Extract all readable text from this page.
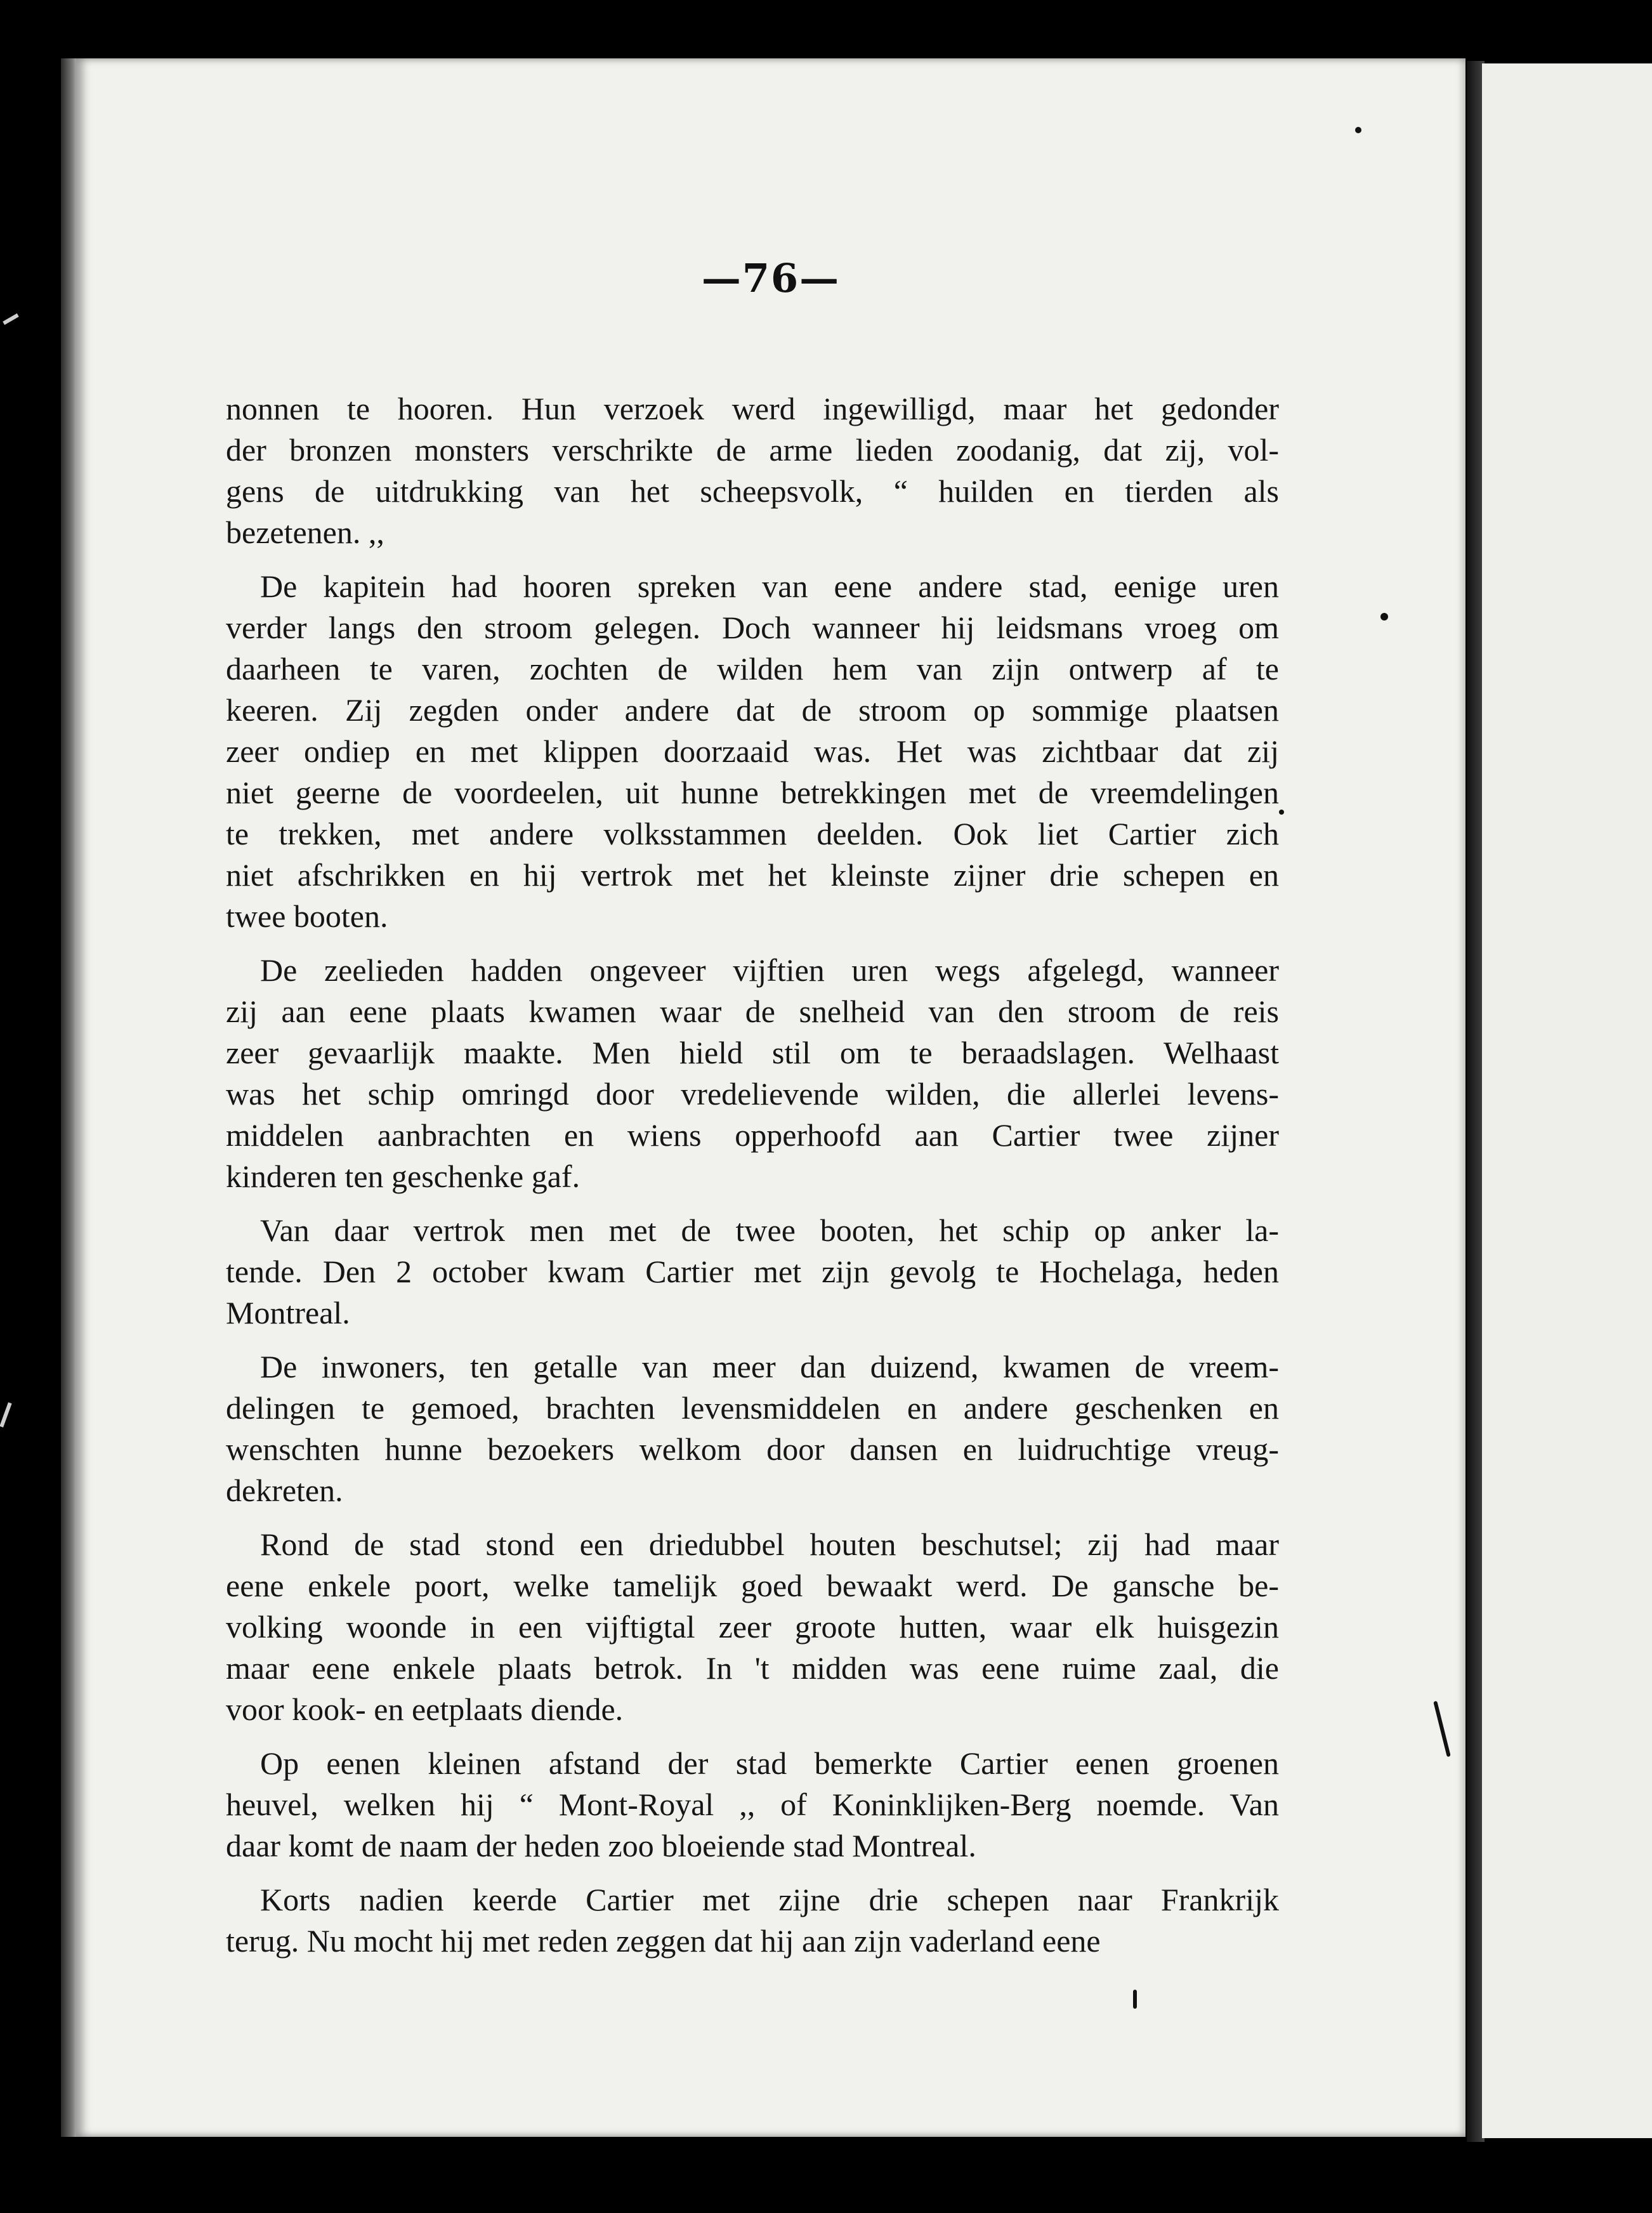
—76—
nonnen te hooren. Hun verzoek werd ingewilligd, maar het gedonder
der bronzen monsters verschrikte de arme lieden zoodanig, dat zij, vol-
gens de uitdrukking van het scheepsvolk, “ huilden en tierden als
bezetenen. ,,
De kapitein had hooren spreken van eene andere stad, eenige uren
verder langs den stroom gelegen. Doch wanneer hij leidsmans vroeg om
daarheen te varen, zochten de wilden hem van zijn ontwerp af te
keeren. Zij zegden onder andere dat de stroom op sommige plaatsen
zeer ondiep en met klippen doorzaaid was. Het was zichtbaar dat zij
niet geerne de voordeelen, uit hunne betrekkingen met de vreemdelingen
te trekken, met andere volksstammen deelden. Ook liet Cartier zich
niet afschrikken en hij vertrok met het kleinste zijner drie schepen en
twee booten.
De zeelieden hadden ongeveer vijftien uren wegs afgelegd, wanneer
zij aan eene plaats kwamen waar de snelheid van den stroom de reis
zeer gevaarlijk maakte. Men hield stil om te beraadslagen. Welhaast
was het schip omringd door vredelievende wilden, die allerlei levens-
middelen aanbrachten en wiens opperhoofd aan Cartier twee zijner
kinderen ten geschenke gaf.
Van daar vertrok men met de twee booten, het schip op anker la-
tende. Den 2 october kwam Cartier met zijn gevolg te Hochelaga, heden
Montreal.
De inwoners, ten getalle van meer dan duizend, kwamen de vreem-
delingen te gemoed, brachten levensmiddelen en andere geschenken en
wenschten hunne bezoekers welkom door dansen en luidruchtige vreug-
dekreten.
Rond de stad stond een driedubbel houten beschutsel; zij had maar
eene enkele poort, welke tamelijk goed bewaakt werd. De gansche be-
volking woonde in een vijftigtal zeer groote hutten, waar elk huisgezin
maar eene enkele plaats betrok. In 't midden was eene ruime zaal, die
voor kook- en eetplaats diende.
Op eenen kleinen afstand der stad bemerkte Cartier eenen groenen
heuvel, welken hij “ Mont-Royal ,, of Koninklijken-Berg noemde. Van
daar komt de naam der heden zoo bloeiende stad Montreal.
Korts nadien keerde Cartier met zijne drie schepen naar Frankrijk
terug. Nu mocht hij met reden zeggen dat hij aan zijn vaderland eene
